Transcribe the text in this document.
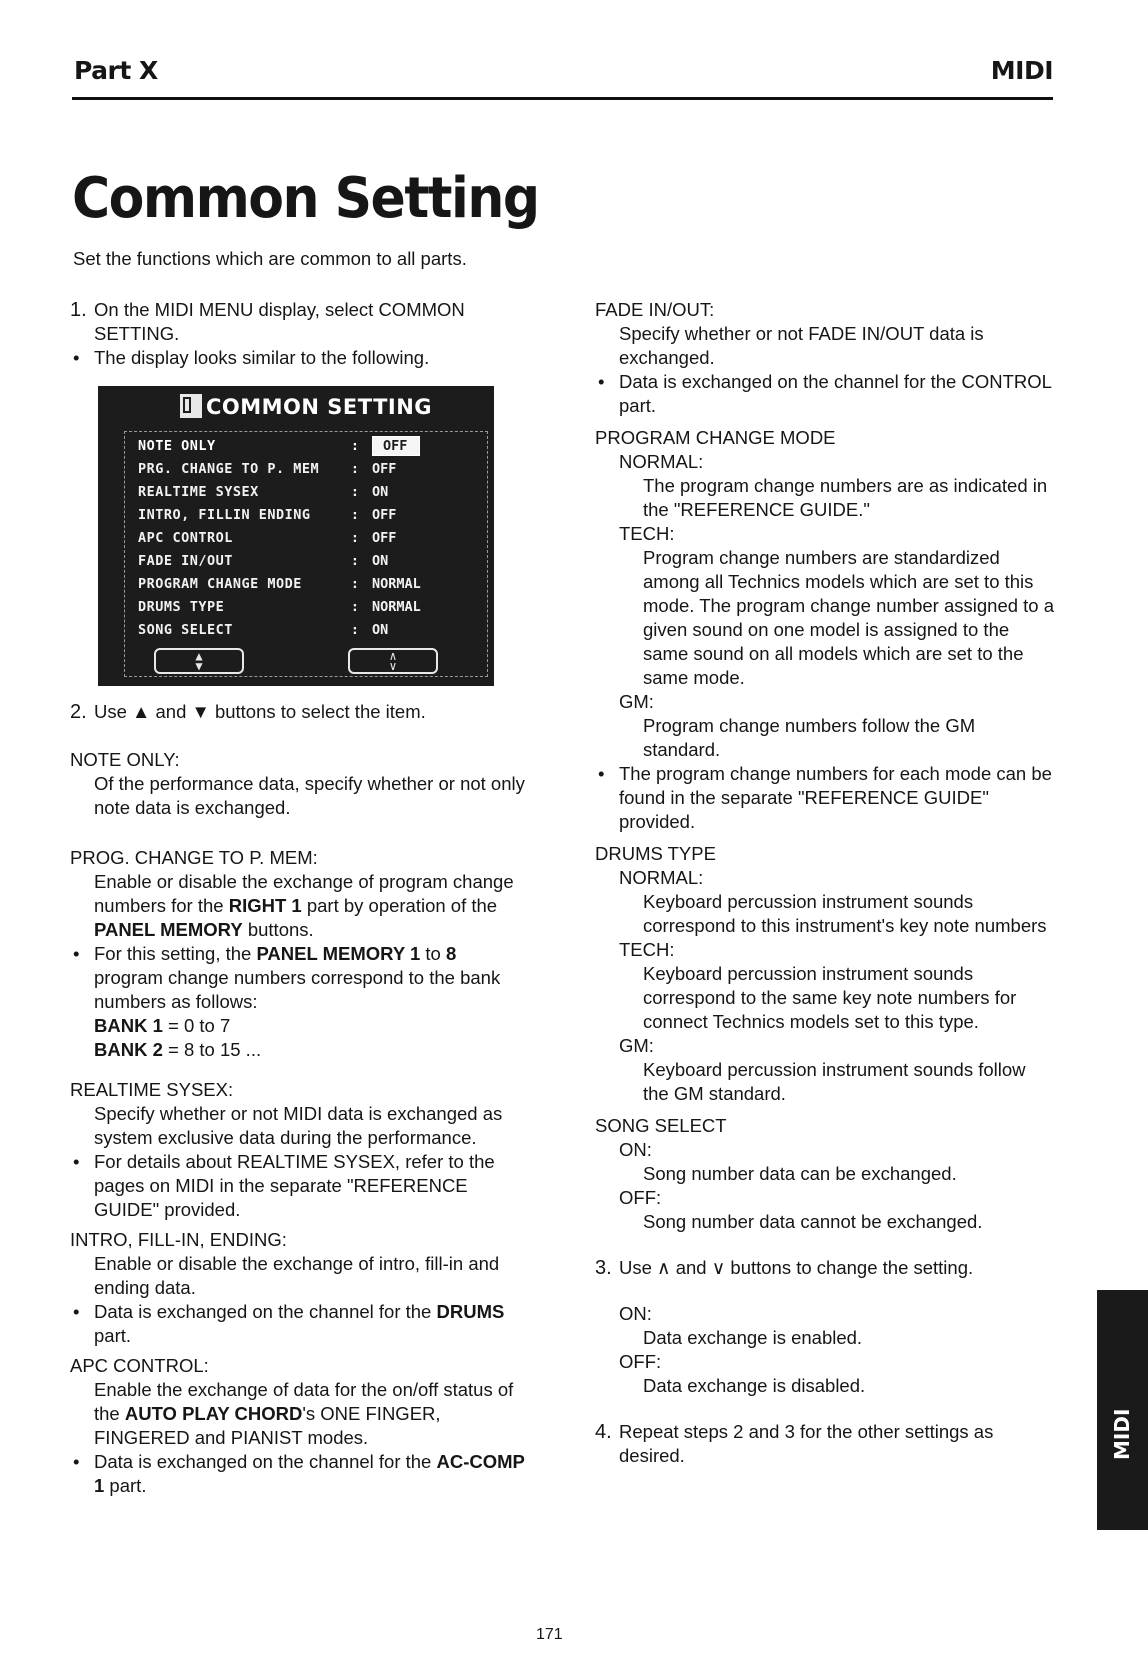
Part X	MIDI
Common Setting

Set the functions which are common to all parts.

1. On the MIDI MENU display, select COMMON SETTING.
• The display looks similar to the following.
COMMON SETTING
NOTE ONLY	:	OFF
PRG. CHANGE TO P. MEM	: OFF
REALTIME SYSEX	: ON
INTRO, FILLIN ENDING	: OFF
APC CONTROL	: OFF
FADE IN/OUT	: ON
PROGRAM CHANGE MODE	: NORMAL
DRUMS TYPE	: NORMAL
SONG SELECT	: ON
▲
▼
∧
∨
2. Use ▲ and ▼ buttons to select the item.

NOTE ONLY:

Of the performance data, specify whether or not only note data is exchanged.

PROG. CHANGE TO P. MEM:

Enable or disable the exchange of program change numbers for the RIGHT 1 part by operation of the PANEL MEMORY buttons.

• For this setting, the PANEL MEMORY 1 to 8 program change numbers correspond to the bank numbers as follows:

BANK 1 = 0 to 7

BANK 2 = 8 to 15 ...

REALTIME SYSEX:

Specify whether or not MIDI data is exchanged as system exclusive data during the performance.

• For details about REALTIME SYSEX, refer to the pages on MIDI in the separate "REFERENCE GUIDE" provided.

INTRO, FILL-IN, ENDING:

Enable or disable the exchange of intro, fill-in and ending data.

• Data is exchanged on the channel for the DRUMS part.

APC CONTROL:

Enable the exchange of data for the on/off status of the AUTO PLAY CHORD's ONE FINGER, FINGERED and PIANIST modes.

• Data is exchanged on the channel for the AC-COMP 1 part.

FADE IN/OUT:

Specify whether or not FADE IN/OUT data is exchanged.

• Data is exchanged on the channel for the CONTROL part.

PROGRAM CHANGE MODE

NORMAL:

The program change numbers are as indicated in the "REFERENCE GUIDE."

TECH:

Program change numbers are standardized among all Technics models which are set to this mode. The program change number assigned to a given sound on one model is assigned to the same sound on all models which are set to the same mode.

GM:

Program change numbers follow the GM standard.

• The program change numbers for each mode can be found in the separate "REFERENCE GUIDE" provided.

DRUMS TYPE

NORMAL:

Keyboard percussion instrument sounds correspond to this instrument's key note numbers

TECH:

Keyboard percussion instrument sounds correspond to the same key note numbers for connect Technics models set to this type.

GM:

Keyboard percussion instrument sounds follow the GM standard.

SONG SELECT

ON:

Song number data can be exchanged.

OFF:

Song number data cannot be exchanged.

3. Use ∧ and ∨ buttons to change the setting.

ON:

Data exchange is enabled.

OFF:

Data exchange is disabled.

4. Repeat steps 2 and 3 for the other settings as desired.	MIDI
171
